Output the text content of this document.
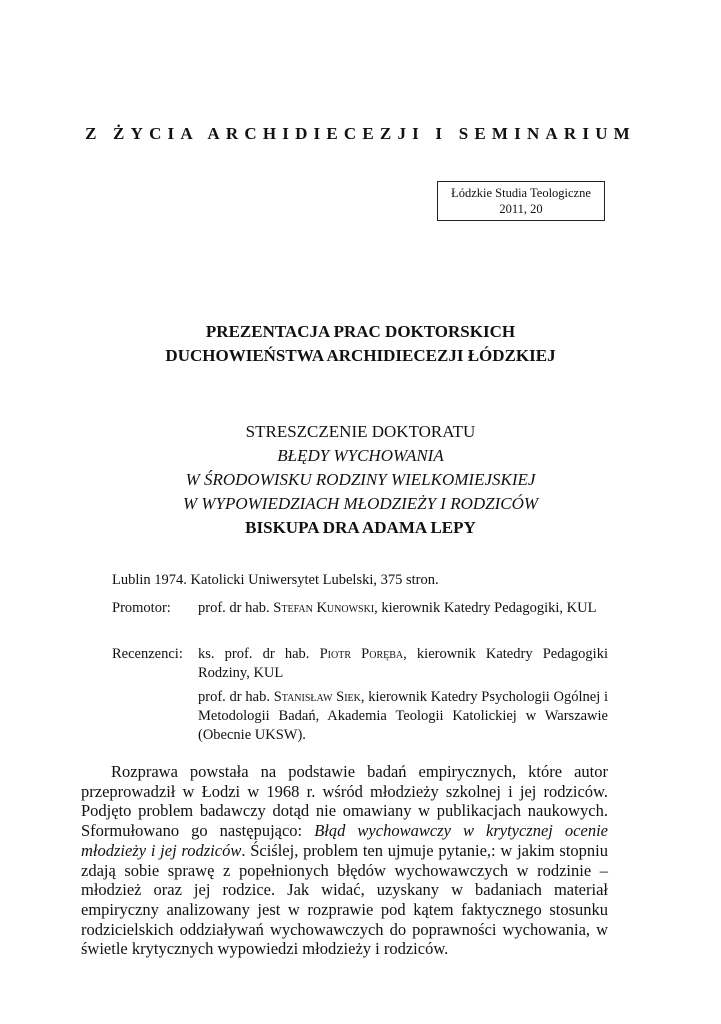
Z ŻYCIA ARCHIDIECEZJI I SEMINARIUM
Łódzkie Studia Teologiczne
2011, 20
PREZENTACJA PRAC DOKTORSKICH
DUCHOWIEŃSTWA ARCHIDIECEZJI ŁÓDZKIEJ
STRESZCZENIE DOKTORATU
BŁĘDY WYCHOWANIA
W ŚRODOWISKU RODZINY WIELKOMIEJSKIEJ
W WYPOWIEDZIACH MŁODZIEŻY I RODZICÓW
BISKUPA DRA ADAMA LEPY
Lublin 1974. Katolicki Uniwersytet Lubelski, 375 stron.
Promotor: prof. dr hab. Stefan Kunowski, kierownik Katedry Pedagogiki, KUL
Recenzenci: ks. prof. dr hab. Piotr Poręba, kierownik Katedry Pedagogiki Rodziny, KUL
prof. dr hab. Stanisław Siek, kierownik Katedry Psychologii Ogólnej i Metodologii Badań, Akademia Teologii Katolickiej w Warszawie (Obecnie UKSW).

Rozprawa powstała na podstawie badań empirycznych, które autor przeprowadził w Łodzi w 1968 r. wśród młodzieży szkolnej i jej rodziców. Podjęto problem badawczy dotąd nie omawiany w publikacjach naukowych. Sformułowano go następująco: Błąd wychowawczy w krytycznej ocenie młodzieży i jej rodziców. Ściślej, problem ten ujmuje pytanie,: w jakim stopniu zdają sobie sprawę z popełnionych błędów wychowawczych w rodzinie – młodzież oraz jej rodzice. Jak widać, uzyskany w badaniach materiał empiryczny analizowany jest w rozprawie pod kątem faktycznego stosunku rodzicielskich oddziaływań wychowawczych do poprawności wychowania, w świetle krytycznych wypowiedzi młodzieży i rodziców.
